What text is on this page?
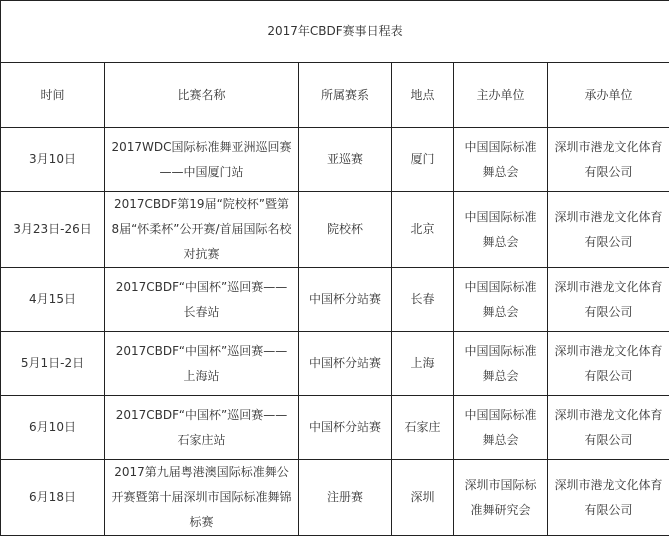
2017年CBDF赛事日程表					
时间	比赛名称	所属赛系	地点	主办单位	承办单位
3月10日	2017WDC国际标准舞亚洲巡回赛——中国厦门站	亚巡赛	厦门	中国国际标准舞总会	深圳市港龙文化体育有限公司
3月23日-26日	2017CBDF第19届“院校杯”暨第8届“怀柔杯”公开赛/首届国际名校对抗赛	院校杯	北京	中国国际标准舞总会	深圳市港龙文化体育有限公司
4月15日	2017CBDF“中国杯”巡回赛——长春站	中国杯分站赛	长春	中国国际标准舞总会	深圳市港龙文化体育有限公司
5月1日-2日	2017CBDF“中国杯”巡回赛——上海站	中国杯分站赛	上海	中国国际标准舞总会	深圳市港龙文化体育有限公司
6月10日	2017CBDF“中国杯”巡回赛——石家庄站	中国杯分站赛	石家庄	中国国际标准舞总会	深圳市港龙文化体育有限公司
6月18日	2017第九届粤港澳国际标准舞公开赛暨第十届深圳市国际标准舞锦标赛	注册赛	深圳	深圳市国际标准舞研究会	深圳市港龙文化体育有限公司
